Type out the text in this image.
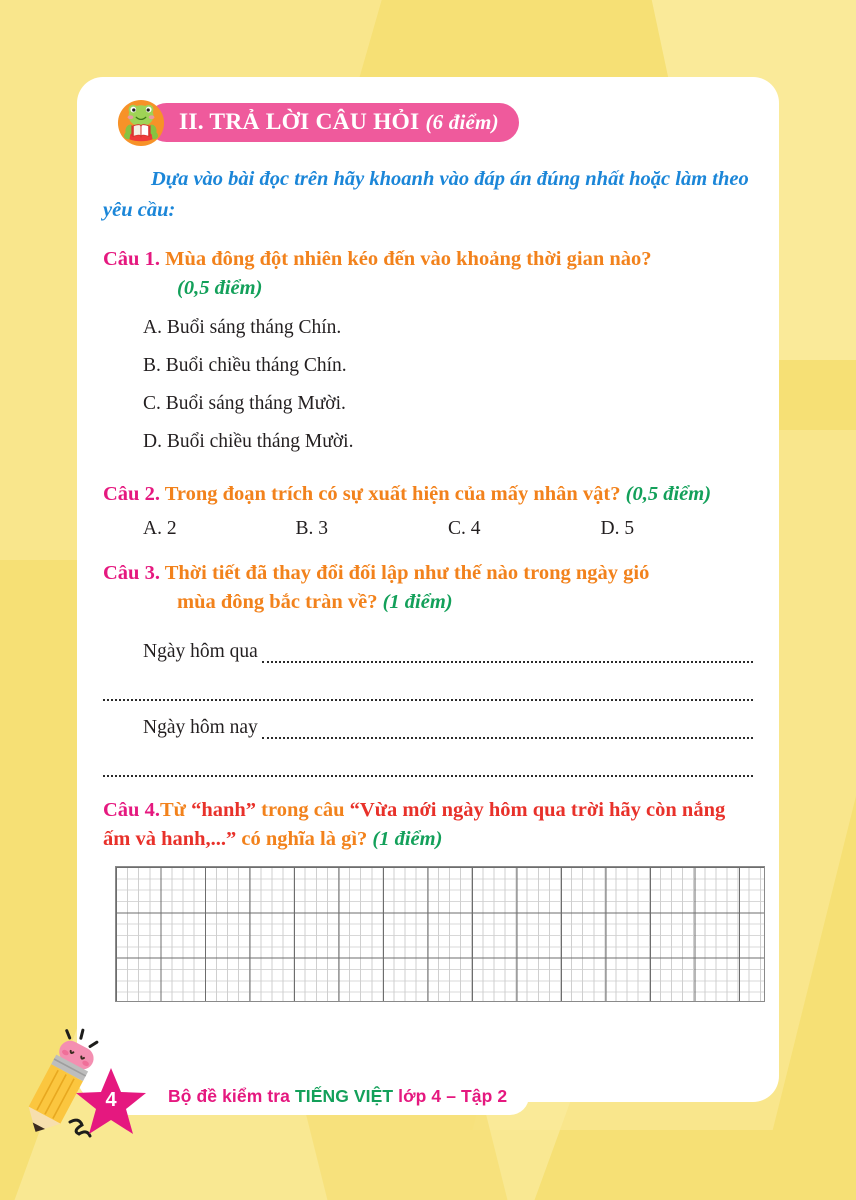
II. TRẢ LỜI CÂU HỎI (6 điểm)
Dựa vào bài đọc trên hãy khoanh vào đáp án đúng nhất hoặc làm theo yêu cầu:
Câu 1. Mùa đông đột nhiên kéo đến vào khoảng thời gian nào?
(0,5 điểm)
A. Buổi sáng tháng Chín.
B. Buổi chiều tháng Chín.
C. Buổi sáng tháng Mười.
D. Buổi chiều tháng Mười.
Câu 2. Trong đoạn trích có sự xuất hiện của mấy nhân vật? (0,5 điểm)
A. 2	B. 3	C. 4	D. 5
Câu 3. Thời tiết đã thay đổi đối lập như thế nào trong ngày gió
mùa đông bắc tràn về? (1 điểm)
Ngày hôm qua
Ngày hôm nay
Câu 4.Từ “hanh” trong câu “Vừa mới ngày hôm qua trời hãy còn nắng ấm và hanh,...” có nghĩa là gì? (1 điểm)
Bộ đề kiểm tra TIẾNG VIỆT lớp 4 – Tập 2
4
